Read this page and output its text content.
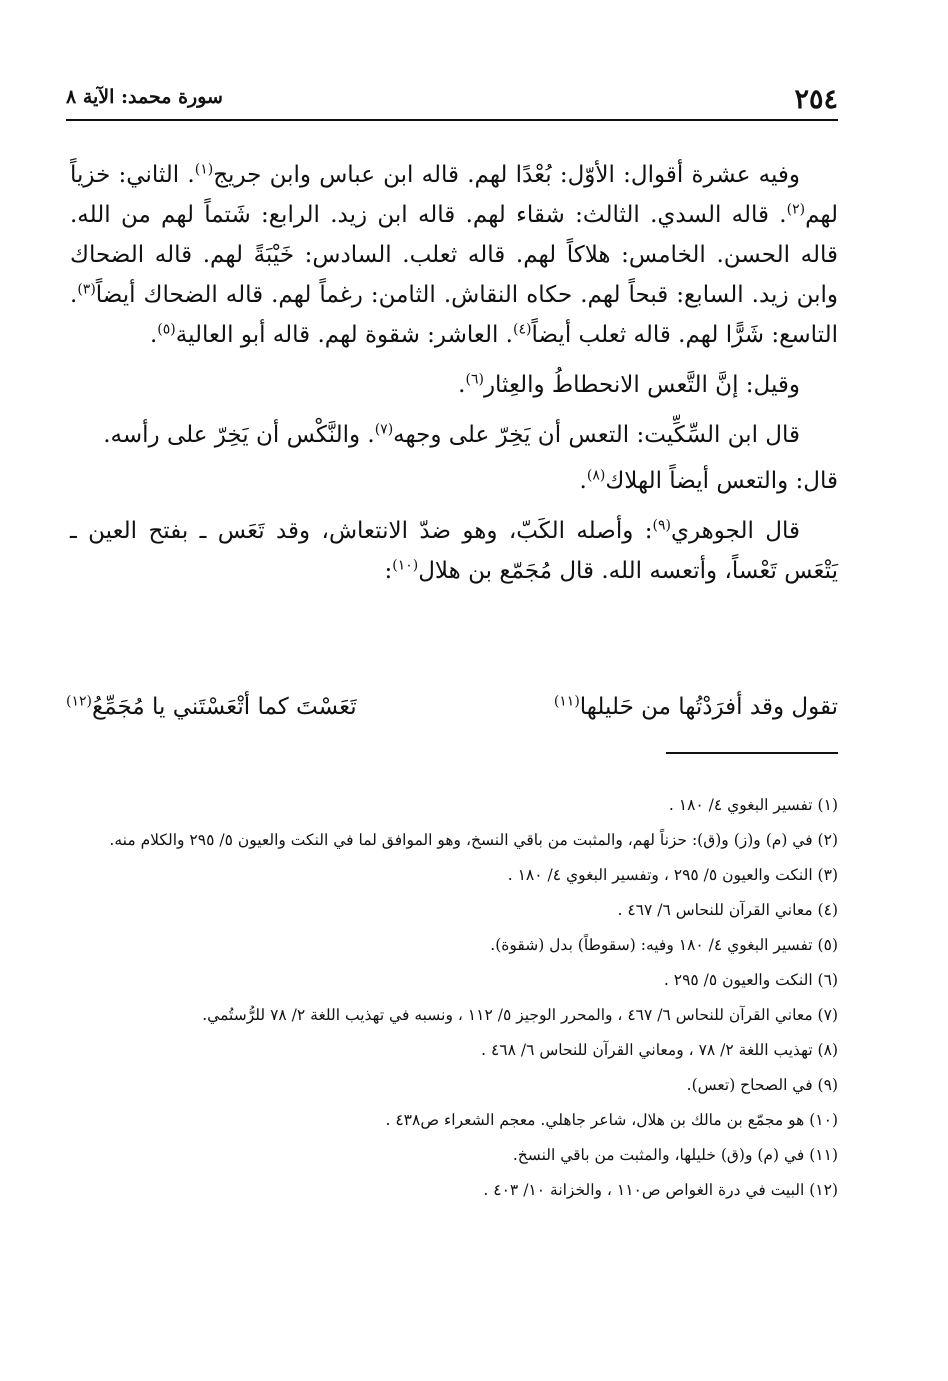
٢٥٤
سورة محمد: الآية ٨

وفيه عشرة أقوال: الأوّل: بُعْدًا لهم. قاله ابن عباس وابن جريج$^{(١)}$. الثاني: خزياً لهم$^{(٢)}$. قاله السدي. الثالث: شقاء لهم. قاله ابن زيد. الرابع: شَتماً لهم من الله. قاله الحسن. الخامس: هلاكاً لهم. قاله ثعلب. السادس: خَيْبَةً لهم. قاله الضحاك وابن زيد. السابع: قبحاً لهم. حكاه النقاش. الثامن: رغماً لهم. قاله الضحاك أيضاً$^{(٣)}$. التاسع: شَرًّا لهم. قاله ثعلب أيضاً$^{(٤)}$. العاشر: شقوة لهم. قاله أبو العالية$^{(٥)}$.

وقيل: إنَّ التَّعس الانحطاطُ والعِثار$^{(٦)}$.

قال ابن السِّكِّيت: التعس أن يَخِرّ على وجهه$^{(٧)}$. والنَّكْس أن يَخِرّ على رأسه.

قال: والتعس أيضاً الهلاك$^{(٨)}$.

قال الجوهري$^{(٩)}$: وأصله الكَبّ، وهو ضدّ الانتعاش، وقد تَعَس ـ بفتح العين ـ يَتْعَس تَعْساً، وأتعسه الله. قال مُجَمّع بن هلال$^{(١٠)}$:

تقول وقد أفرَدْتُها من حَليلها$^{(١١)}$
تَعَسْتَ كما أتْعَسْتَني يا مُجَمِّعُ$^{(١٢)}$

(١) تفسير البغوي ٤/ ١٨٠ .

(٢) في (م) و(ز) و(ق): حزناً لهم، والمثبت من باقي النسخ، وهو الموافق لما في النكت والعيون ٥/ ٢٩٥ والكلام منه.

(٣) النكت والعيون ٥/ ٢٩٥ ، وتفسير البغوي ٤/ ١٨٠ .

(٤) معاني القرآن للنحاس ٦/ ٤٦٧ .

(٥) تفسير البغوي ٤/ ١٨٠ وفيه: (سقوطاً) بدل (شقوة).

(٦) النكت والعيون ٥/ ٢٩٥ .

(٧) معاني القرآن للنحاس ٦/ ٤٦٧ ، والمحرر الوجيز ٥/ ١١٢ ، ونسبه في تهذيب اللغة ٢/ ٧٨ للرُّستُمي.

(٨) تهذيب اللغة ٢/ ٧٨ ، ومعاني القرآن للنحاس ٦/ ٤٦٨ .

(٩) في الصحاح (تعس).

(١٠) هو مجمّع بن مالك بن هلال، شاعر جاهلي. معجم الشعراء ص٤٣٨ .

(١١) في (م) و(ق) خليلها، والمثبت من باقي النسخ.

(١٢) البيت في درة الغواص ص١١٠ ، والخزانة ١٠/ ٤٠٣ .
